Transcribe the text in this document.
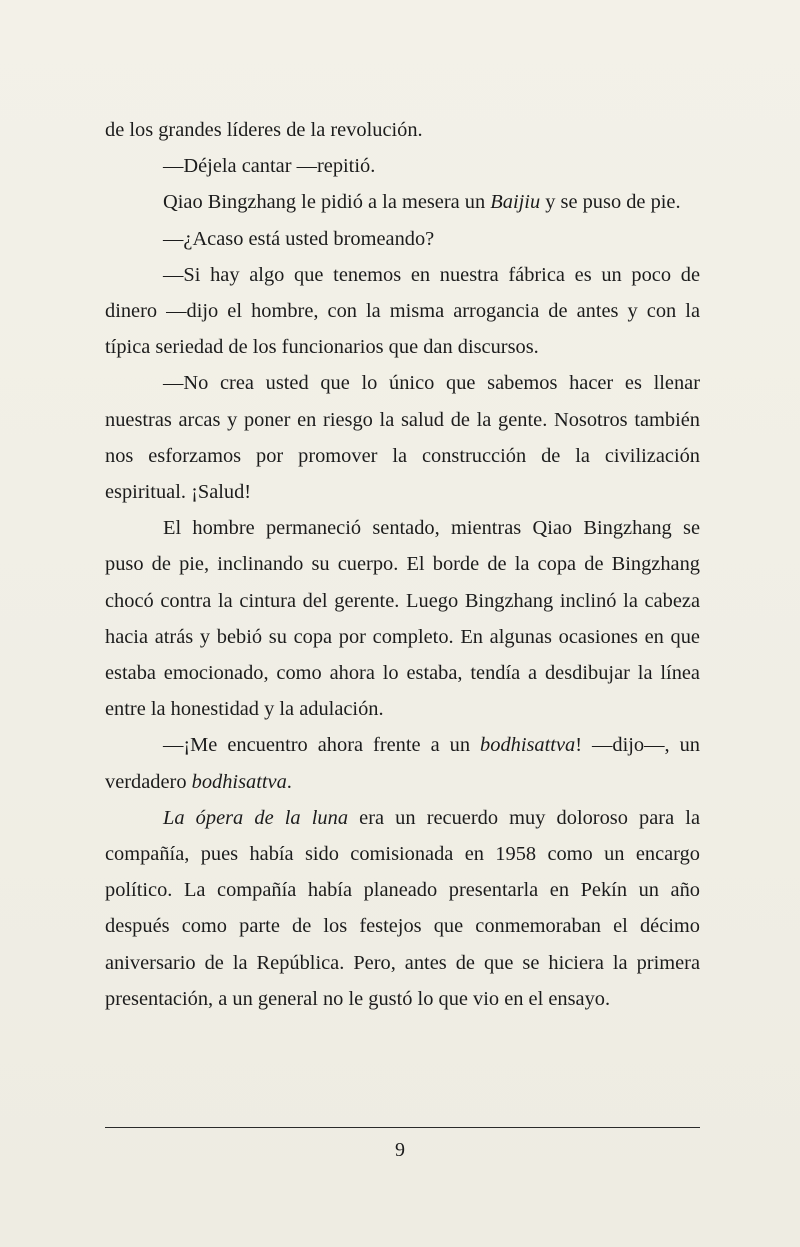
de los grandes líderes de la revolución.

—Déjela cantar —repitió.

Qiao Bingzhang le pidió a la mesera un Baijiu y se puso de pie.

—¿Acaso está usted bromeando?

—Si hay algo que tenemos en nuestra fábrica es un poco de dinero —dijo el hombre, con la misma arrogancia de antes y con la típica seriedad de los funcionarios que dan discursos.

—No crea usted que lo único que sabemos hacer es llenar nuestras arcas y poner en riesgo la salud de la gente. Nosotros también nos esforzamos por promover la construcción de la civilización espiritual. ¡Salud!

El hombre permaneció sentado, mientras Qiao Bingzhang se puso de pie, inclinando su cuerpo. El borde de la copa de Bingzhang chocó contra la cintura del gerente. Luego Bingzhang inclinó la cabeza hacia atrás y bebió su copa por completo. En algunas ocasiones en que estaba emocionado, como ahora lo estaba, tendía a desdibujar la línea entre la honestidad y la adulación.

—¡Me encuentro ahora frente a un bodhisattva! —dijo—, un verdadero bodhisattva.

La ópera de la luna era un recuerdo muy doloroso para la compañía, pues había sido comisionada en 1958 como un encargo político. La compañía había planeado presentarla en Pekín un año después como parte de los festejos que conmemoraban el décimo aniversario de la República. Pero, antes de que se hiciera la primera presentación, a un general no le gustó lo que vio en el ensayo.

9
